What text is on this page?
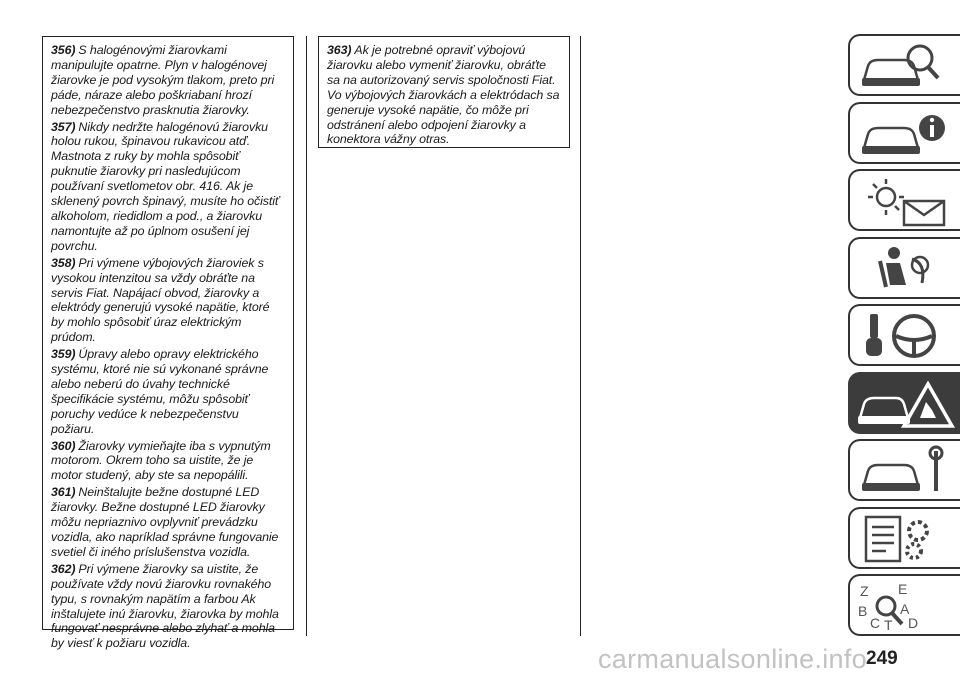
356) S halogénovými žiarovkami manipulujte opatrne. Plyn v halogénovej žiarovke je pod vysokým tlakom, preto pri páde, náraze alebo poškriabaní hrozí nebezpečenstvo prasknutia žiarovky.

357) Nikdy nedržte halogénovú žiarovku holou rukou, špinavou rukavicou atď. Mastnota z ruky by mohla spôsobiť puknutie žiarovky pri nasledujúcom používaní svetlometov obr. 416. Ak je sklenený povrch špinavý, musíte ho očistiť alkoholom, riedidlom a pod., a žiarovku namontujte až po úplnom osušení jej povrchu.

358) Pri výmene výbojových žiaroviek s vysokou intenzitou sa vždy obráťte na servis Fiat. Napájací obvod, žiarovky a elektródy generujú vysoké napätie, ktoré by mohlo spôsobiť úraz elektrickým prúdom.

359) Úpravy alebo opravy elektrického systému, ktoré nie sú vykonané správne alebo neberú do úvahy technické špecifikácie systému, môžu spôsobiť poruchy vedúce k nebezpečenstvu požiaru.

360) Žiarovky vymieňajte iba s vypnutým motorom. Okrem toho sa uistite, že je motor studený, aby ste sa nepopálili.

361) Neinštalujte bežne dostupné LED žiarovky. Bežne dostupné LED žiarovky môžu nepriaznivo ovplyvniť prevádzku vozidla, ako napríklad správne fungovanie svetiel či iného príslušenstva vozidla.

362) Pri výmene žiarovky sa uistite, že používate vždy novú žiarovku rovnakého typu, s rovnakým napätím a farbou Ak inštalujete inú žiarovku, žiarovka by mohla fungovať nesprávne alebo zlyhať a mohla by viesť k požiaru vozidla.

363) Ak je potrebné opraviť výbojovú žiarovku alebo vymeniť žiarovku, obráťte sa na autorizovaný servis spoločnosti Fiat. Vo výbojových žiarovkách a elektródach sa generuje vysoké napätie, čo môže pri odstránení alebo odpojení žiarovky a konektora vážny otras.

Z E
B A
C D
T
249
carmanualsonline.info
